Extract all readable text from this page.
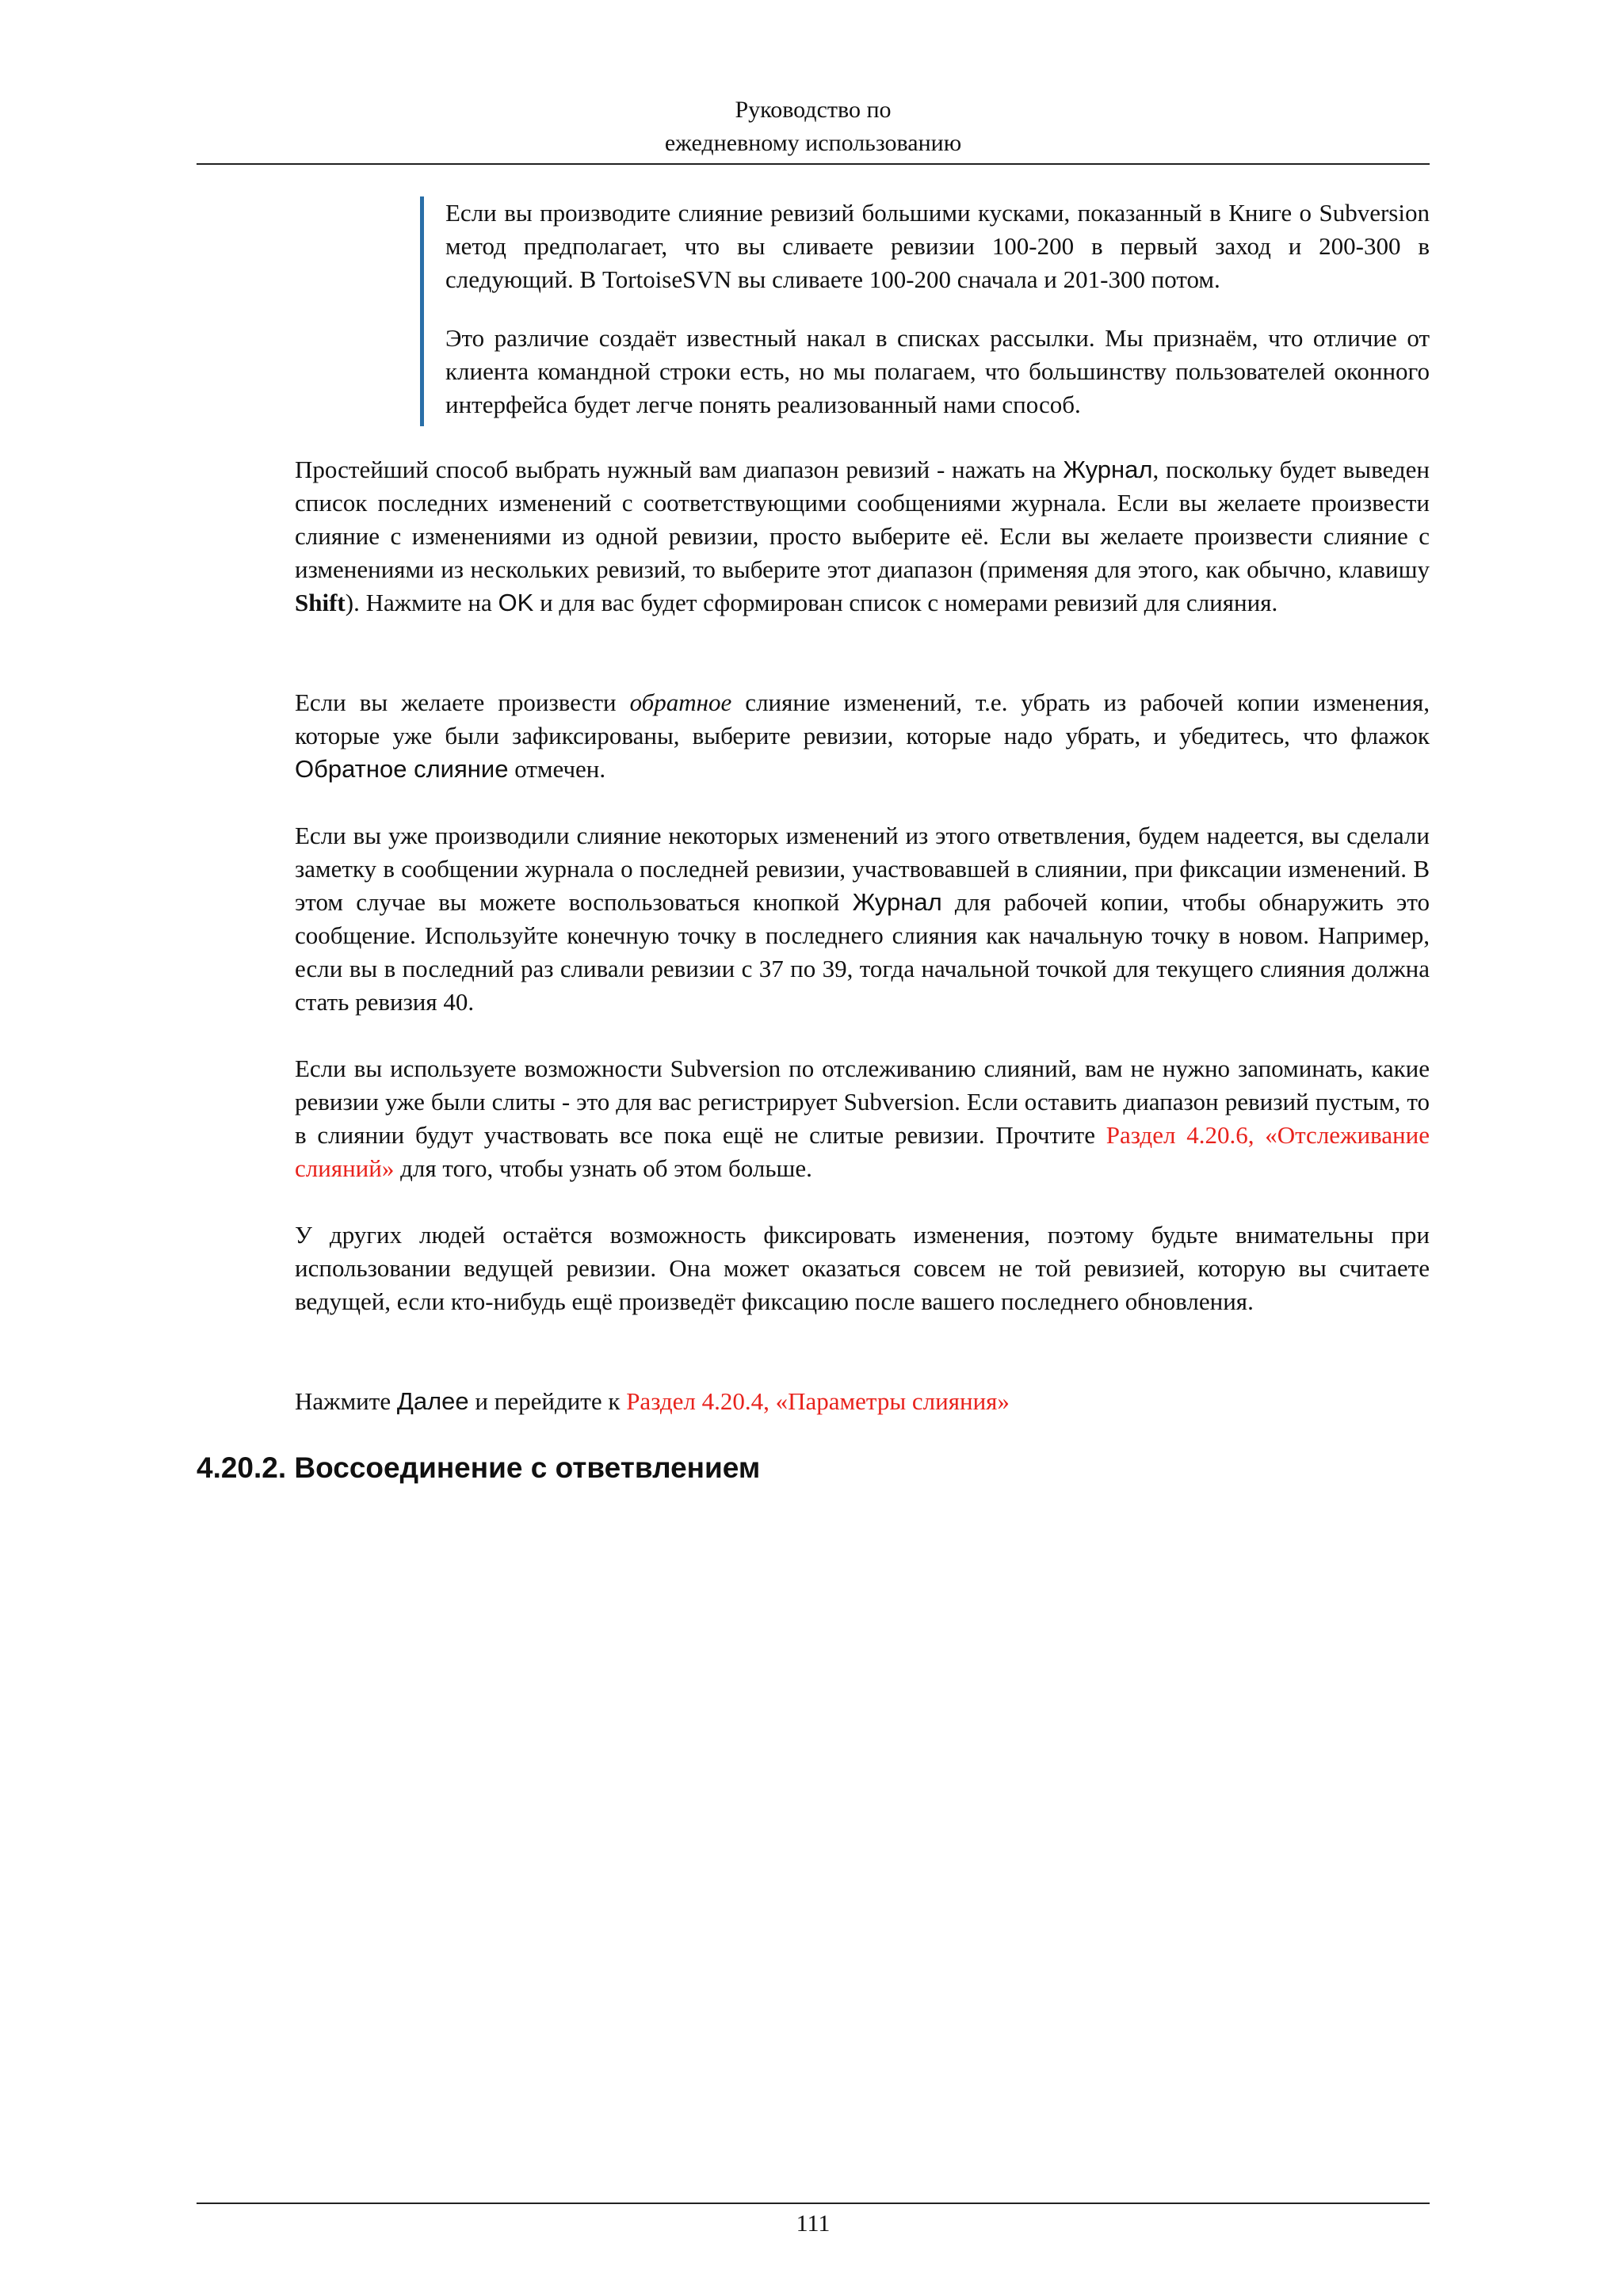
Руководство по
ежедневному использованию

Если вы производите слияние ревизий большими кусками, показанный в Книге о Subversion метод предполагает, что вы сливаете ревизии 100-200 в первый заход и 200-300 в следующий. В TortoiseSVN вы сливаете 100-200 сначала и 201-300 потом.

Это различие создаёт известный накал в списках рассылки. Мы признаём, что отличие от клиента командной строки есть, но мы полагаем, что большинству пользователей оконного интерфейса будет легче понять реализованный нами способ.

Простейший способ выбрать нужный вам диапазон ревизий - нажать на Журнал, поскольку будет выведен список последних изменений с соответствующими сообщениями журнала. Если вы желаете произвести слияние с изменениями из одной ревизии, просто выберите её. Если вы желаете произвести слияние с изменениями из нескольких ревизий, то выберите этот диапазон (применяя для этого, как обычно, клавишу Shift). Нажмите на OK и для вас будет сформирован список с номерами ревизий для слияния.

Если вы желаете произвести обратное слияние изменений, т.е. убрать из рабочей копии изменения, которые уже были зафиксированы, выберите ревизии, которые надо убрать, и убедитесь, что флажок Обратное слияние отмечен.

Если вы уже производили слияние некоторых изменений из этого ответвления, будем надеется, вы сделали заметку в сообщении журнала о последней ревизии, участвовавшей в слиянии, при фиксации изменений. В этом случае вы можете воспользоваться кнопкой Журнал для рабочей копии, чтобы обнаружить это сообщение. Используйте конечную точку в последнего слияния как начальную точку в новом. Например, если вы в последний раз сливали ревизии с 37 по 39, тогда начальной точкой для текущего слияния должна стать ревизия 40.

Если вы используете возможности Subversion по отслеживанию слияний, вам не нужно запоминать, какие ревизии уже были слиты - это для вас регистрирует Subversion. Если оставить диапазон ревизий пустым, то в слиянии будут участвовать все пока ещё не слитые ревизии. Прочтите Раздел 4.20.6, «Отслеживание слияний» для того, чтобы узнать об этом больше.

У других людей остаётся возможность фиксировать изменения, поэтому будьте внимательны при использовании ведущей ревизии. Она может оказаться совсем не той ревизией, которую вы считаете ведущей, если кто-нибудь ещё произведёт фиксацию после вашего последнего обновления.

Нажмите Далее и перейдите к Раздел 4.20.4, «Параметры слияния»

4.20.2. Воссоединение с ответвлением
111
